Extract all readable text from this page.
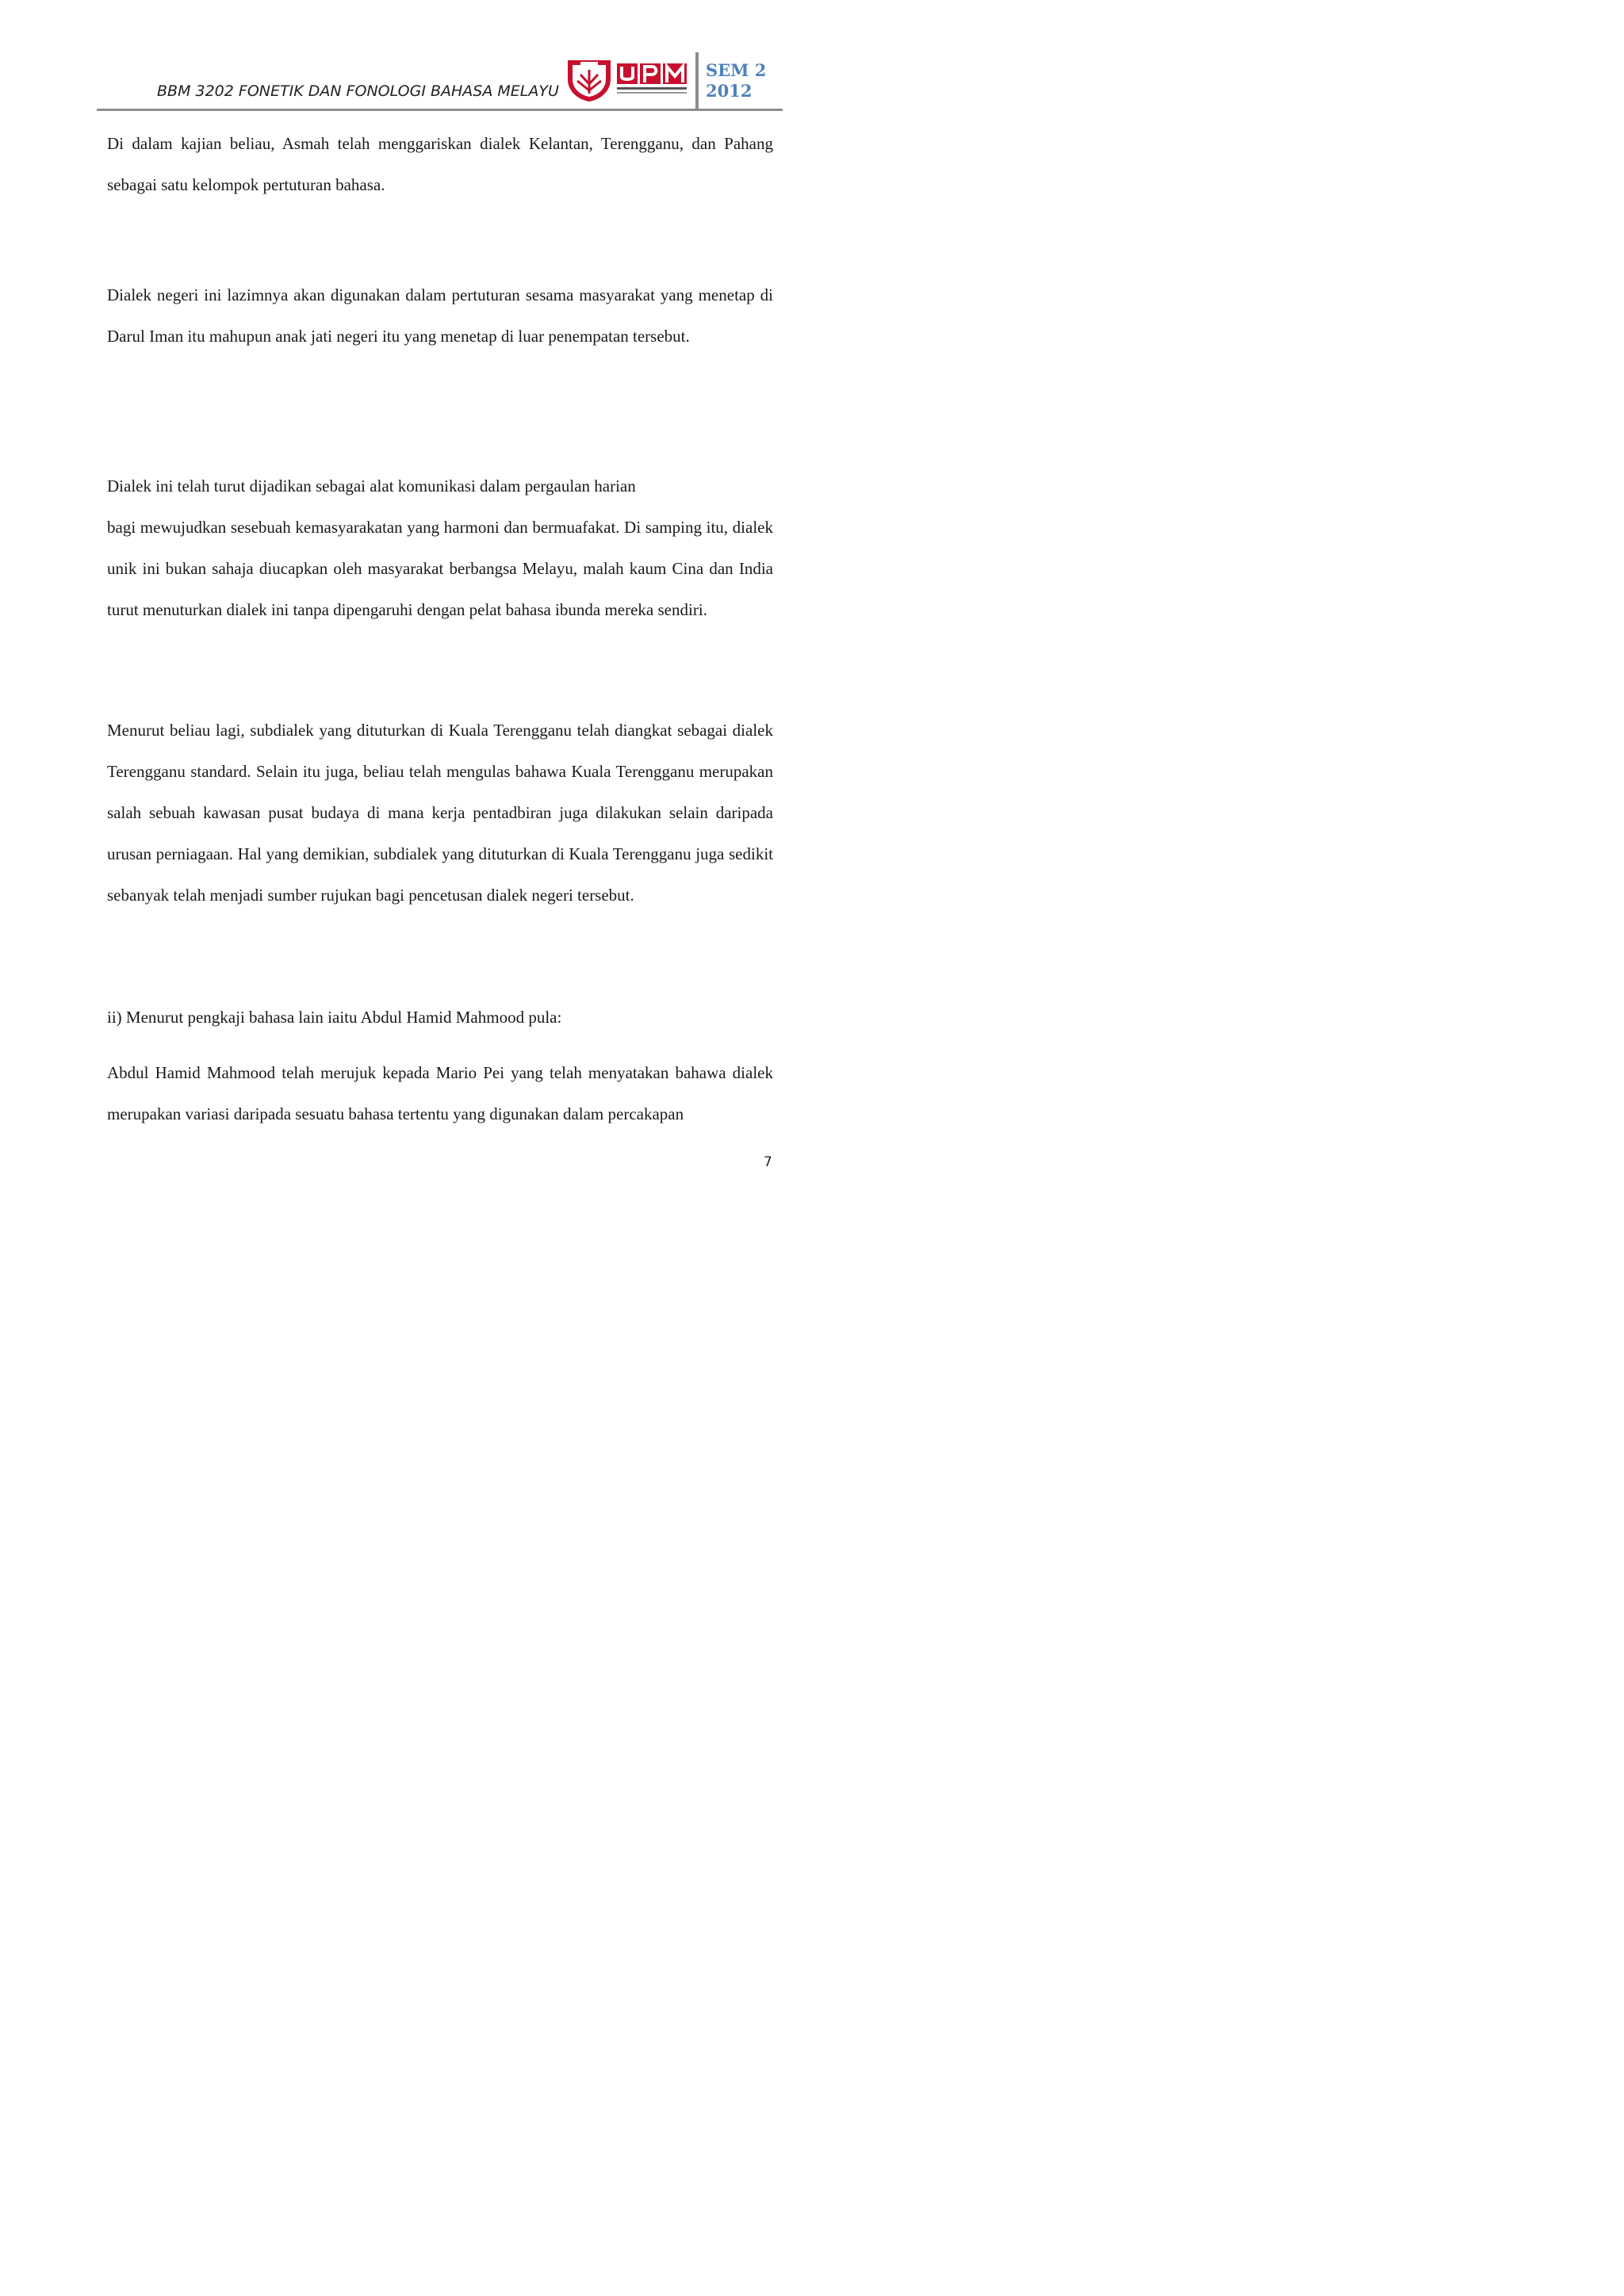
BBM 3202 FONETIK DAN FONOLOGI BAHASA MELAYU
SEM 2
2012

Di dalam kajian beliau, Asmah telah menggariskan dialek Kelantan, Terengganu, dan Pahang sebagai satu kelompok pertuturan bahasa.

Dialek negeri ini lazimnya akan digunakan dalam pertuturan sesama masyarakat yang menetap di Darul Iman itu mahupun anak jati negeri itu yang menetap di luar penempatan tersebut.

Dialek ini telah turut dijadikan sebagai alat komunikasi dalam pergaulan harian

bagi mewujudkan sesebuah kemasyarakatan yang harmoni dan bermuafakat. Di samping itu, dialek unik ini bukan sahaja diucapkan oleh masyarakat berbangsa Melayu, malah kaum Cina dan India turut menuturkan dialek ini tanpa dipengaruhi dengan pelat bahasa ibunda mereka sendiri.

Menurut beliau lagi, subdialek yang dituturkan di Kuala Terengganu telah diangkat sebagai dialek Terengganu standard. Selain itu juga, beliau telah mengulas bahawa Kuala Terengganu merupakan salah sebuah kawasan pusat budaya di mana kerja pentadbiran juga dilakukan selain daripada urusan perniagaan. Hal yang demikian, subdialek yang dituturkan di Kuala Terengganu juga sedikit sebanyak telah menjadi sumber rujukan bagi pencetusan dialek negeri tersebut.

ii) Menurut pengkaji bahasa lain iaitu Abdul Hamid Mahmood pula:

Abdul Hamid Mahmood telah merujuk kepada Mario Pei yang telah menyatakan bahawa dialek merupakan variasi daripada sesuatu bahasa tertentu yang digunakan dalam percakapan

7
